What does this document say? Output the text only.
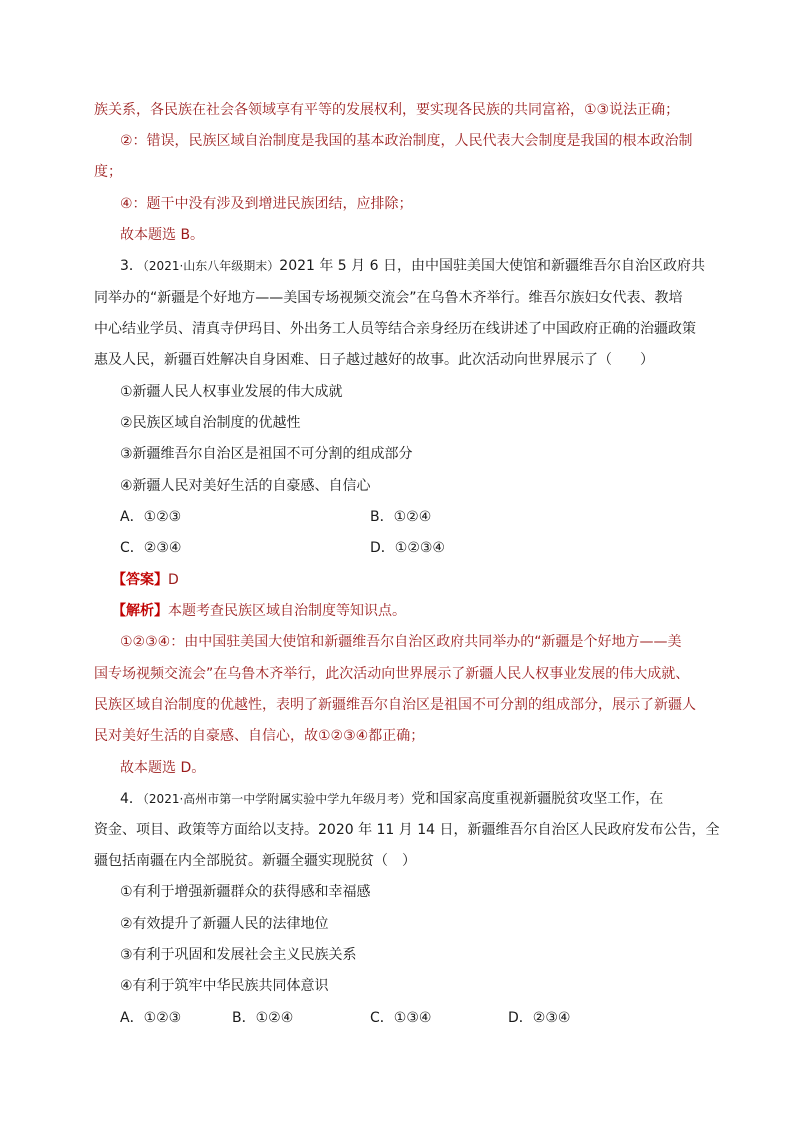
族关系，各民族在社会各领域享有平等的发展权利，要实现各民族的共同富裕，①③说法正确；
②：错误，民族区域自治制度是我国的基本政治制度，人民代表大会制度是我国的根本政治制
度；
④：题干中没有涉及到增进民族团结，应排除；
故本题选 B。
3．（2021·山东八年级期末）2021 年 5 月 6 日，由中国驻美国大使馆和新疆维吾尔自治区政府共
同举办的“新疆是个好地方——美国专场视频交流会”在乌鲁木齐举行。维吾尔族妇女代表、教培
中心结业学员、清真寺伊玛目、外出务工人员等结合亲身经历在线讲述了中国政府正确的治疆政策
惠及人民，新疆百姓解决自身困难、日子越过越好的故事。此次活动向世界展示了（　　）
①新疆人民人权事业发展的伟大成就
②民族区域自治制度的优越性
③新疆维吾尔自治区是祖国不可分割的组成部分
④新疆人民对美好生活的自豪感、自信心
A．①②③	B．①②④
C．②③④	D．①②③④
【答案】D
【解析】本题考查民族区域自治制度等知识点。
①②③④：由中国驻美国大使馆和新疆维吾尔自治区政府共同举办的“新疆是个好地方——美
国专场视频交流会”在乌鲁木齐举行，此次活动向世界展示了新疆人民人权事业发展的伟大成就、
民族区域自治制度的优越性，表明了新疆维吾尔自治区是祖国不可分割的组成部分，展示了新疆人
民对美好生活的自豪感、自信心，故①②③④都正确；
故本题选 D。
4．（2021·高州市第一中学附属实验中学九年级月考）党和国家高度重视新疆脱贫攻坚工作，在
资金、项目、政策等方面给以支持。2020 年 11 月 14 日，新疆维吾尔自治区人民政府发布公告，全
疆包括南疆在内全部脱贫。新疆全疆实现脱贫（　）
①有利于增强新疆群众的获得感和幸福感
②有效提升了新疆人民的法律地位
③有利于巩固和发展社会主义民族关系
④有利于筑牢中华民族共同体意识
A．①②③	B．①②④	C．①③④	D．②③④
